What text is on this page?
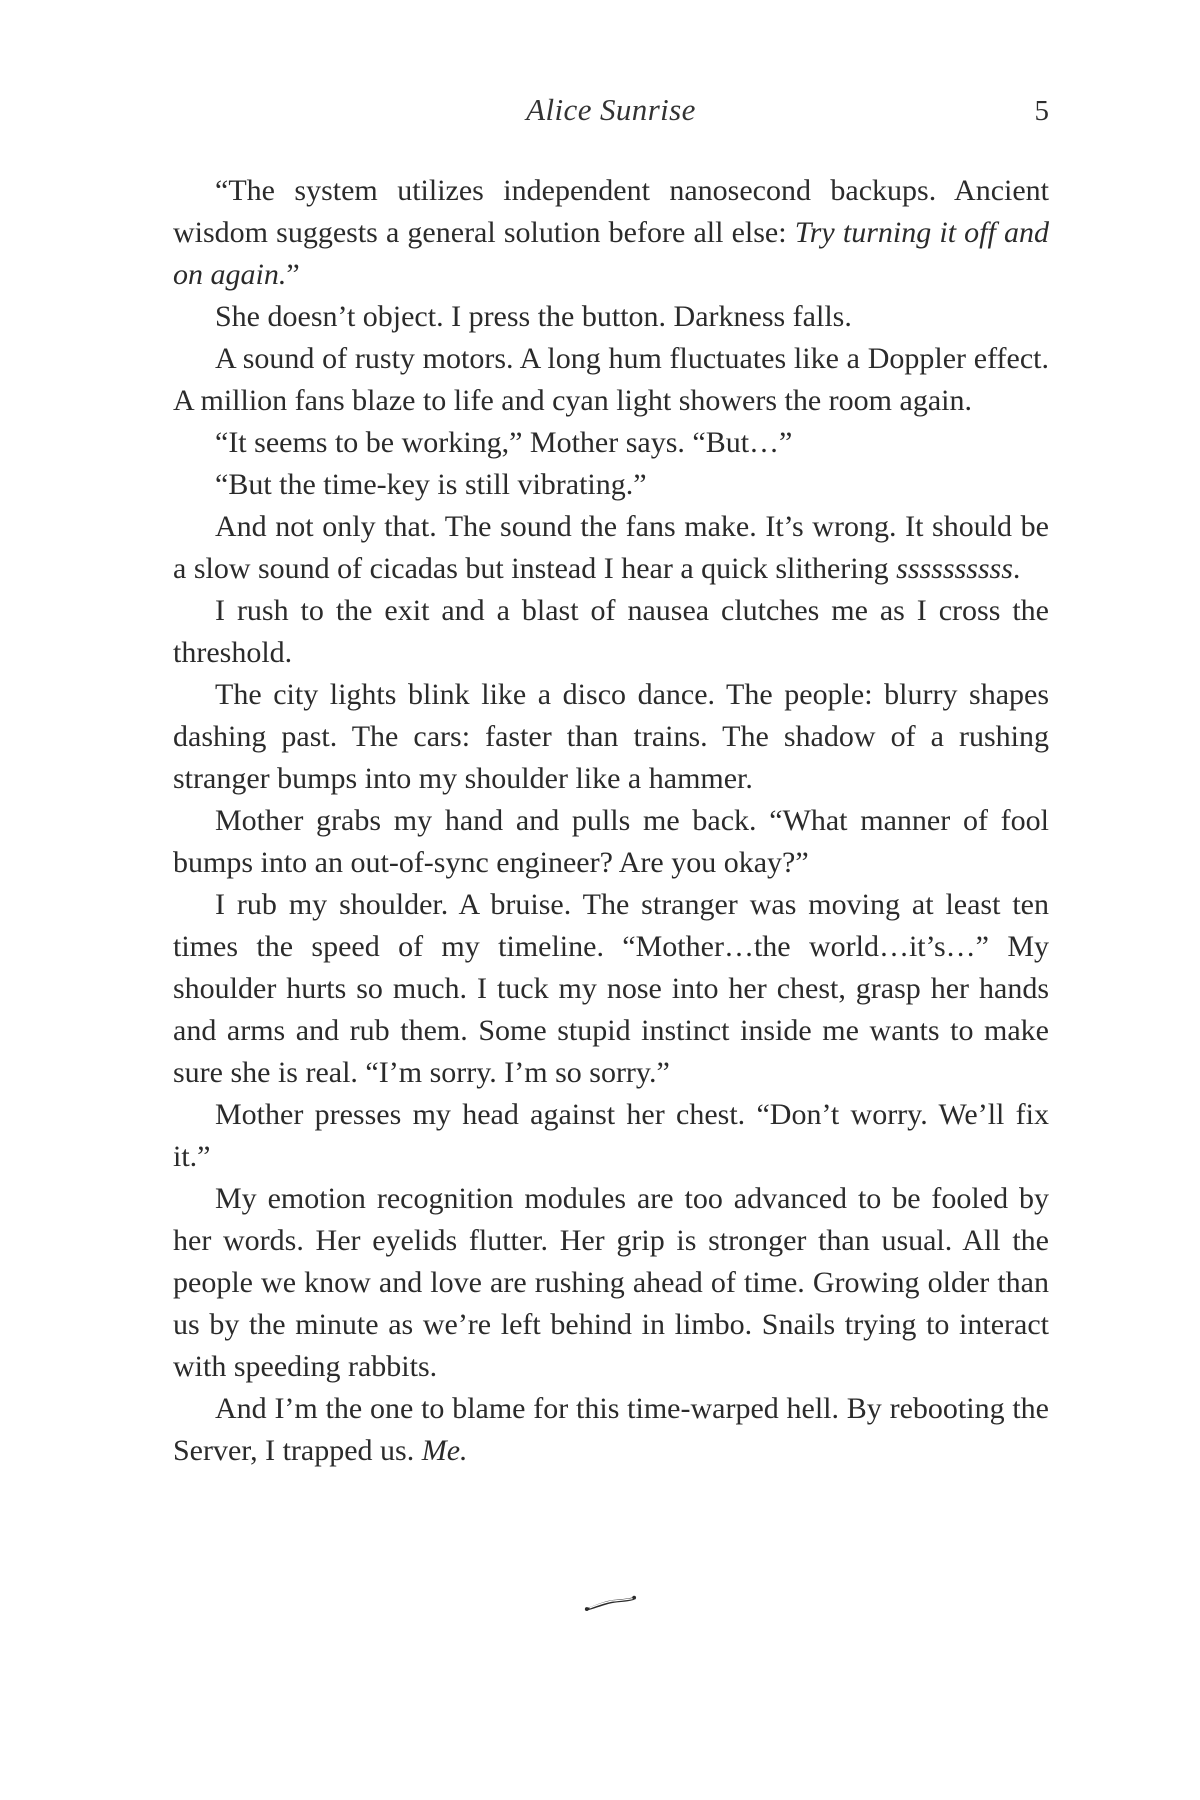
Alice Sunrise	5

“The system utilizes independent nanosecond backups. Ancient wisdom suggests a general solution before all else: Try turning it off and on again.”

She doesn’t object. I press the button. Darkness falls.

A sound of rusty motors. A long hum fluctuates like a Doppler effect. A million fans blaze to life and cyan light showers the room again.

“It seems to be working,” Mother says. “But…”

“But the time-key is still vibrating.”

And not only that. The sound the fans make. It’s wrong. It should be a slow sound of cicadas but instead I hear a quick slithering ssssssssss.

I rush to the exit and a blast of nausea clutches me as I cross the threshold.

The city lights blink like a disco dance. The people: blurry shapes dashing past. The cars: faster than trains. The shadow of a rushing stranger bumps into my shoulder like a hammer.

Mother grabs my hand and pulls me back. “What manner of fool bumps into an out-of-sync engineer? Are you okay?”

I rub my shoulder. A bruise. The stranger was moving at least ten times the speed of my timeline. “Mother…the world…it’s…” My shoulder hurts so much. I tuck my nose into her chest, grasp her hands and arms and rub them. Some stupid instinct inside me wants to make sure she is real. “I’m sorry. I’m so sorry.”

Mother presses my head against her chest. “Don’t worry. We’ll fix it.”

My emotion recognition modules are too advanced to be fooled by her words. Her eyelids flutter. Her grip is stronger than usual. All the people we know and love are rushing ahead of time. Growing older than us by the minute as we’re left behind in limbo. Snails trying to interact with speeding rabbits.

And I’m the one to blame for this time-warped hell. By rebooting the Server, I trapped us. Me.
